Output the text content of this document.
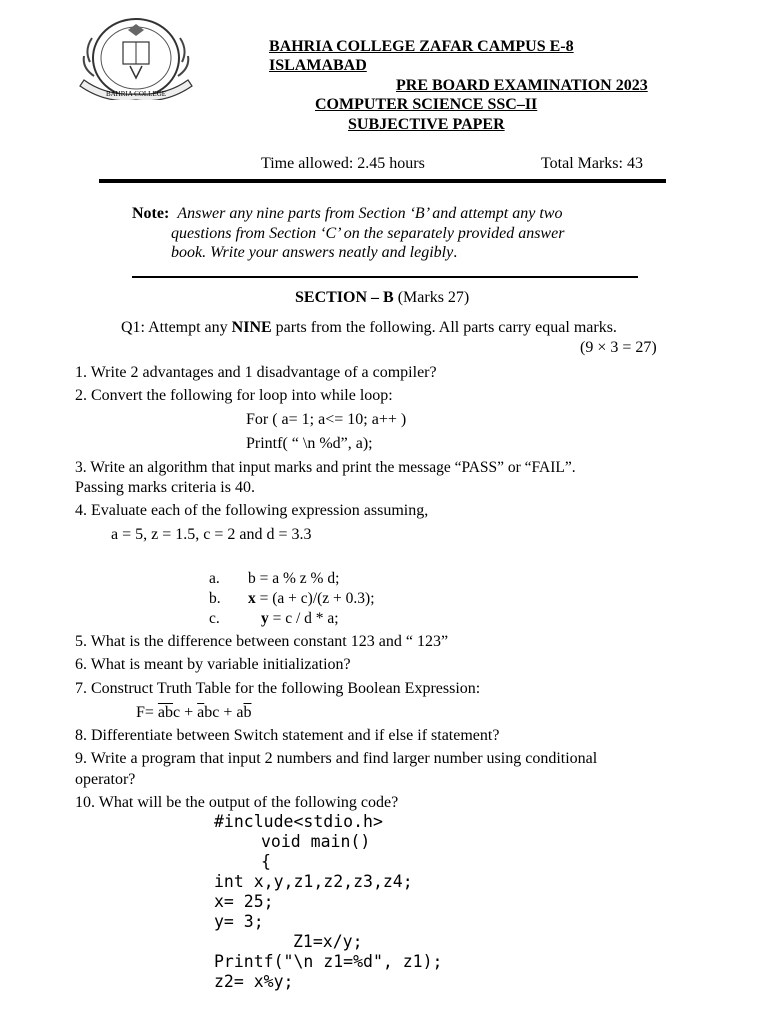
BAHRIA COLLEGE
BAHRIA COLLEGE ZAFAR CAMPUS E-8
ISLAMABAD
PRE BOARD EXAMINATION 2023
COMPUTER SCIENCE SSC–II
SUBJECTIVE PAPER
Time allowed: 2.45 hours	Total Marks: 43
Note: Answer any nine parts from Section ‘B’ and attempt any two
questions from Section ‘C’ on the separately provided answer
book. Write your answers neatly and legibly.
SECTION – B (Marks 27)
Q1: Attempt any NINE parts from the following. All parts carry equal marks.
(9 × 3 = 27)
1. Write 2 advantages and 1 disadvantage of a compiler?
2. Convert the following for loop into while loop:
For ( a= 1; a<= 10; a++ )
Printf( “ \n %d”, a);
3. Write an algorithm that input marks and print the message “PASS” or “FAIL”.
Passing marks criteria is 40.
4. Evaluate each of the following expression assuming,
a = 5, z = 1.5, c = 2 and d = 3.3
a. b = a % z % d;
b. x = (a + c)/(z + 0.3);
c.	y = c / d * a;
5. What is the difference between constant 123 and “ 123”
6. What is meant by variable initialization?
7. Construct Truth Table for the following Boolean Expression:
$F= \overline{ab}c + \overline{a}bc + a\overline{b}$
8. Differentiate between Switch statement and if else if statement?
9. Write a program that input 2 numbers and find larger number using conditional
operator?
10. What will be the output of the following code?
#include<stdio.h>
void main()
{
int x,y,z1,z2,z3,z4;
x= 25;
y= 3;
Z1=x/y;
Printf("\n z1=%d", z1);
z2= x%y;
